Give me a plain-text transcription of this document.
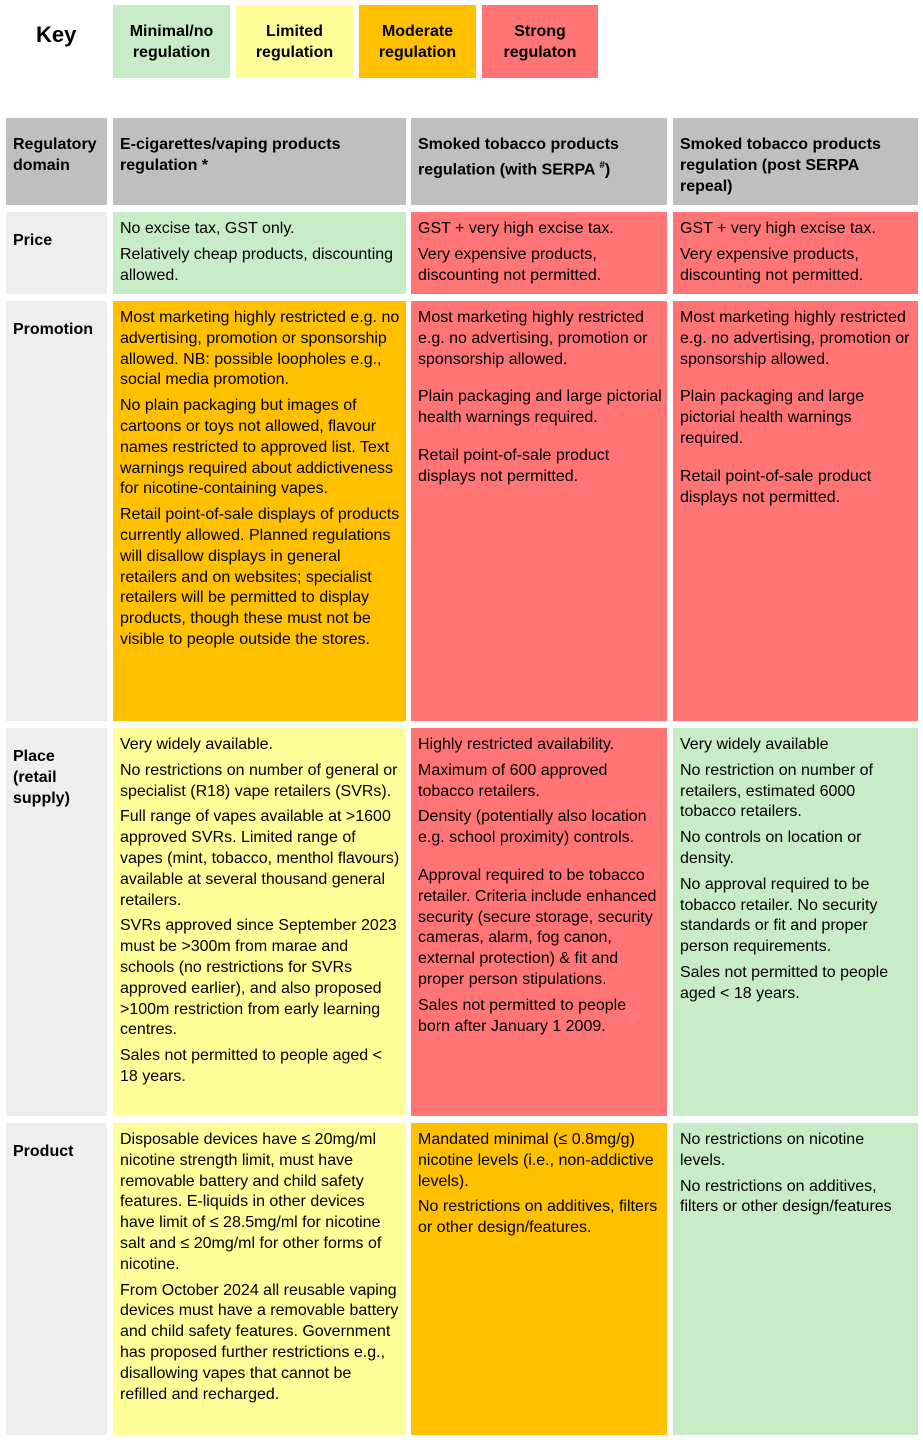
Key	Minimal/no
regulation
Limited
regulation
Moderate
regulation
Strong
regulaton
Regulatory
domain
E-cigarettes/vaping products
regulation *
Smoked tobacco products
regulation (with SERPA #)
Smoked tobacco products
regulation (post SERPA
repeal)
Price

No excise tax, GST only.

Relatively cheap products, discounting allowed.

GST + very high excise tax.

Very expensive products, discounting not permitted.

GST + very high excise tax.

Very expensive products, discounting not permitted.

Promotion

Most marketing highly restricted e.g. no advertising, promotion or sponsorship allowed. NB: possible loopholes e.g., social media promotion.

No plain packaging but images of cartoons or toys not allowed, flavour names restricted to approved list. Text warnings required about addictiveness for nicotine-containing vapes.

Retail point-of-sale displays of products currently allowed. Planned regulations will disallow displays in general retailers and on websites; specialist retailers will be permitted to display products, though these must not be visible to people outside the stores.

Most marketing highly restricted e.g. no advertising, promotion or sponsorship allowed.

Plain packaging and large pictorial health warnings required.

Retail point-of-sale product displays not permitted.

Most marketing highly restricted e.g. no advertising, promotion or sponsorship allowed.

Plain packaging and large pictorial health warnings required.

Retail point-of-sale product displays not permitted.

Place
(retail
supply)

Very widely available.

No restrictions on number of general or specialist (R18) vape retailers (SVRs).

Full range of vapes available at >1600 approved SVRs. Limited range of vapes (mint, tobacco, menthol flavours) available at several thousand general retailers.

SVRs approved since September 2023 must be >300m from marae and schools (no restrictions for SVRs approved earlier), and also proposed >100m restriction from early learning centres.

Sales not permitted to people aged < 18 years.

Highly restricted availability.

Maximum of 600 approved tobacco retailers.

Density (potentially also location e.g. school proximity) controls.

Approval required to be tobacco retailer. Criteria include enhanced security (secure storage, security cameras, alarm, fog canon, external protection) & fit and proper person stipulations.

Sales not permitted to people born after January 1 2009.

Very widely available

No restriction on number of retailers, estimated 6000 tobacco retailers.

No controls on location or density.

No approval required to be tobacco retailer. No security standards or fit and proper person requirements.

Sales not permitted to people aged < 18 years.

Product

Disposable devices have ≤ 20mg/ml nicotine strength limit, must have removable battery and child safety features. E-liquids in other devices have limit of ≤ 28.5mg/ml for nicotine salt and ≤ 20mg/ml for other forms of nicotine.

From October 2024 all reusable vaping devices must have a removable battery and child safety features. Government has proposed further restrictions e.g., disallowing vapes that cannot be refilled and recharged.

Mandated minimal (≤ 0.8mg/g) nicotine levels (i.e., non-addictive levels).

No restrictions on additives, filters or other design/features.

No restrictions on nicotine levels.

No restrictions on additives, filters or other design/features
